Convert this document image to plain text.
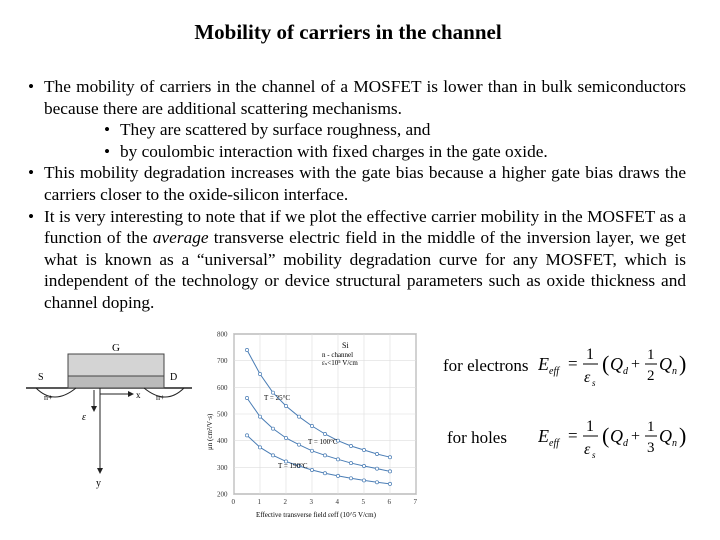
Mobility of carriers in the channel
• The mobility of carriers in the channel of a MOSFET is lower than in bulk semiconductors because there are additional scattering mechanisms.
• They are scattered by surface roughness, and
• by coulombic interaction with fixed charges in the gate oxide.
• This mobility degradation increases with the gate bias because a higher gate bias draws the carriers closer to the oxide-silicon interface.
• It is very interesting to note that if we plot the effective carrier mobility in the MOSFET as a function of the average transverse electric field in the middle of the inversion layer, we get what is known as a “universal” mobility degradation curve for any MOSFET, which is independent of the technology or device structural parameters such as oxide thickness and channel doping.
G
S	D
n+	n+
x
ε
y
0	1	2	3	4	5	6	7
200
300
400
500
600
700
800
Si
n - channel
εₛ<10⁵ V/cm
μn (cm²/V·s)
Effective transverse field εeff (10^5 V/cm)
T = 25°C
T = 100°C
T = 190°C
for electrons E eff = 1
ε s
( Q d +
1
2
Q n )
for holes E eff = 1
ε s
( Q d +
1
3
Q n )
